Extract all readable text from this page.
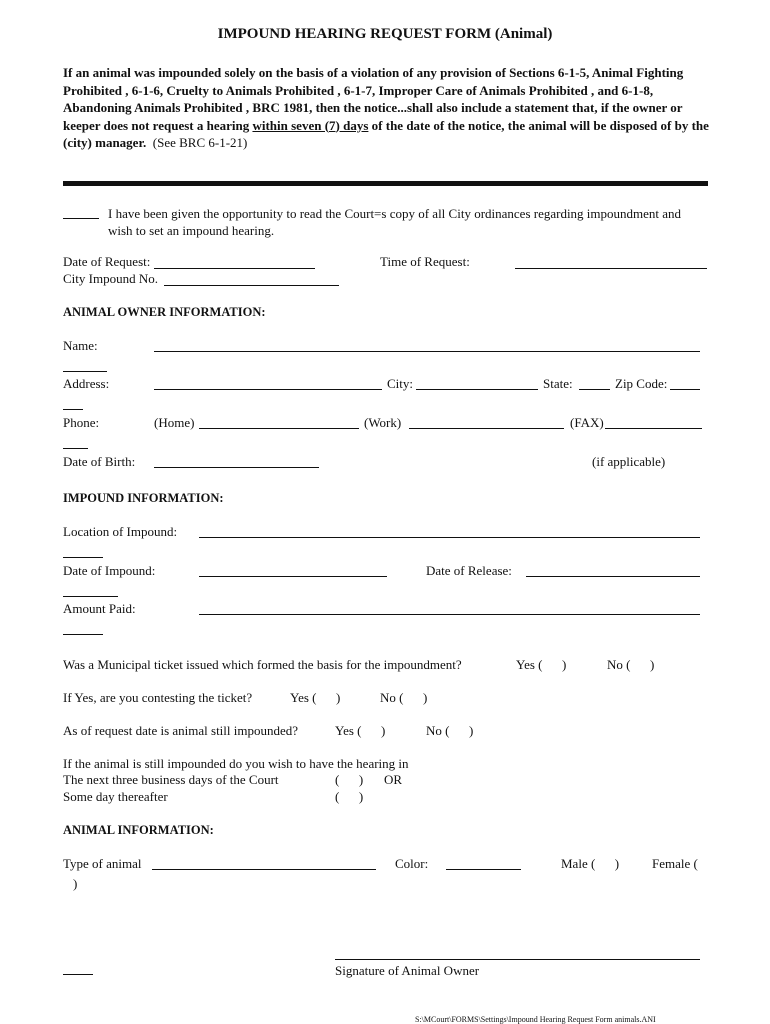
IMPOUND HEARING REQUEST FORM (Animal)
If an animal was impounded solely on the basis of a violation of any provision of Sections 6-1-5, Animal Fighting Prohibited , 6-1-6, Cruelty to Animals Prohibited , 6-1-7, Improper Care of Animals Prohibited , and 6-1-8, Abandoning Animals Prohibited , BRC 1981, then the notice...shall also include a statement that, if the owner or keeper does not request a hearing within seven (7) days of the date of the notice, the animal will be disposed of by the (city) manager. (See BRC 6-1-21)
I have been given the opportunity to read the Court=s copy of all City ordinances regarding impoundment and wish to set an impound hearing.
Date of Request:	Time of Request:
City Impound No.
ANIMAL OWNER INFORMATION:
Name:
Address:	City:	State:	Zip Code:
Phone:	(Home)	(Work)	(FAX)
Date of Birth:	(if applicable)
IMPOUND INFORMATION:
Location of Impound:
Date of Impound:	Date of Release:
Amount Paid:
Was a Municipal ticket issued which formed the basis for the impoundment?	Yes (      )	No (      )
If Yes, are you contesting the ticket?	Yes (      )	No (      )
As of request date is animal still impounded?	Yes (      )	No (      )
If the animal is still impounded do you wish to have the hearing in
The next three business days of the Court	(      ) OR
Some day thereafter	(      )
ANIMAL INFORMATION:
Type of animal	Color:	Male (      )	Female (
)
Signature of Animal Owner
S:\MCourt\FORMS\Settings\Impound Hearing Request Form animals.ANI
